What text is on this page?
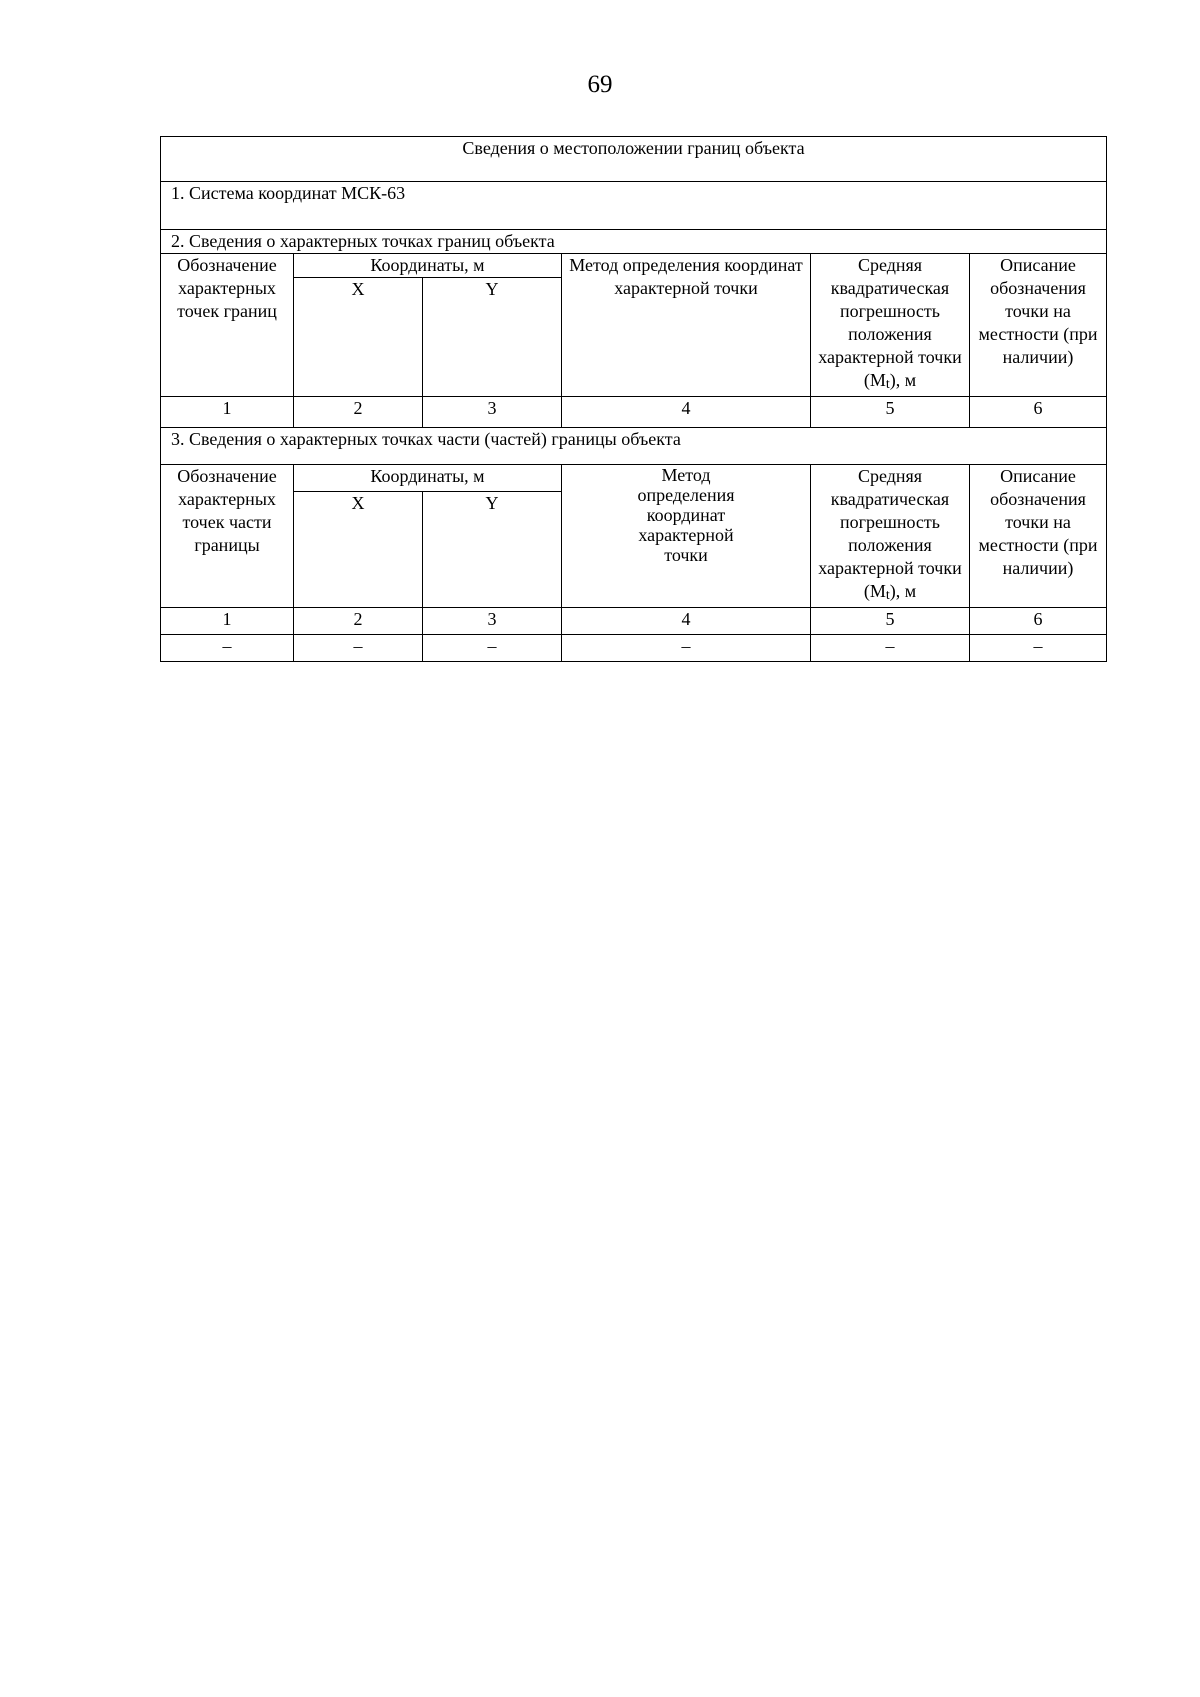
69
Сведения о местоположении границ объекта					
1. Система координат МСК-63					
2. Сведения о характерных точках границ объекта					
Обозначение характерных точек границ	Координаты, м		Метод определения координат характерной точки	Средняя квадратическая погрешность положения характерной точки $(M_t)$, м	Описание обозначения точки на местности (при наличии)
	X	Y			
1	2	3	4	5	6
3. Сведения о характерных точках части (частей) границы объекта					
Обозначение характерных точек части границы	Координаты, м		Метод определения координат характерной точки	Средняя квадратическая погрешность положения характерной точки $(M_t)$, м	Описание обозначения точки на местности (при наличии)
	X	Y			
1	2	3	4	5	6
–	–	–	–	–	–
